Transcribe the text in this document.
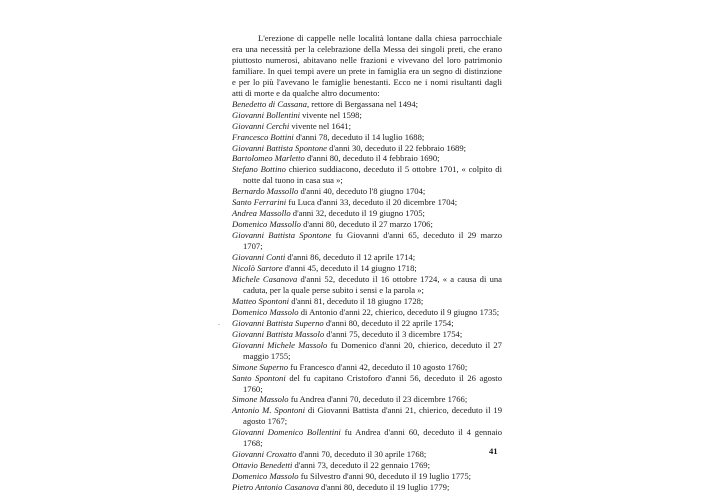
L'erezione di cappelle nelle località lontane dalla chiesa parrocchiale era una necessità per la celebrazione della Messa dei singoli preti, che erano piuttosto numerosi, abitavano nelle frazioni e vivevano del loro patrimonio familiare. In quei tempi avere un prete in famiglia era un segno di distinzione e per lo più l'avevano le famiglie benestanti. Ecco ne i nomi risultanti dagli atti di morte e da qualche altro documento:

Benedetto di Cassana, rettore di Bergassana nel 1494;
Giovanni Bollentini vivente nel 1598;
Giovanni Cerchi vivente nel 1641;
Francesco Bottini d'anni 78, deceduto il 14 luglio 1688;
Giovanni Battista Spontone d'anni 30, deceduto il 22 febbraio 1689;
Bartolomeo Marletto d'anni 80, deceduto il 4 febbraio 1690;
Stefano Bottino chierico suddiacono, deceduto il 5 ottobre 1701, « colpito di notte dal tuono in casa sua »;
Bernardo Massollo d'anni 40, deceduto l'8 giugno 1704;
Santo Ferrarini fu Luca d'anni 33, deceduto il 20 dicembre 1704;
Andrea Massollo d'anni 32, deceduto il 19 giugno 1705;
Domenico Massollo d'anni 80, deceduto il 27 marzo 1706;
Giovanni Battista Spontone fu Giovanni d'anni 65, deceduto il 29 marzo 1707;
Giovanni Conti d'anni 86, deceduto il 12 aprile 1714;
Nicolò Sartore d'anni 45, deceduto il 14 giugno 1718;
Michele Casanova d'anni 52, deceduto il 16 ottobre 1724, « a causa di una caduta, per la quale perse subito i sensi e la parola »;
Matteo Spontoni d'anni 81, deceduto il 18 giugno 1728;
Domenico Massolo di Antonio d'anni 22, chierico, deceduto il 9 giugno 1735;
Giovanni Battista Superno d'anni 80, deceduto il 22 aprile 1754;
Giovanni Battista Massolo d'anni 75, deceduto il 3 dicembre 1754;
Giovanni Michele Massolo fu Domenico d'anni 20, chierico, deceduto il 27 maggio 1755;
Simone Superno fu Francesco d'anni 42, deceduto il 10 agosto 1760;
Santo Spontoni del fu capitano Cristoforo d'anni 56, deceduto il 26 agosto 1760;
Simone Massolo fu Andrea d'anni 70, deceduto il 23 dicembre 1766;
Antonio M. Spontoni di Giovanni Battista d'anni 21, chierico, deceduto il 19 agosto 1767;
Giovanni Domenico Bollentini fu Andrea d'anni 60, deceduto il 4 gennaio 1768;
Giovanni Croxatto d'anni 70, deceduto il 30 aprile 1768;
Ottavio Benedetti d'anni 73, deceduto il 22 gennaio 1769;
Domenico Massolo fu Silvestro d'anni 90, deceduto il 19 luglio 1775;
Pietro Antonio Casanova d'anni 80, deceduto il 19 luglio 1779;
.
41
